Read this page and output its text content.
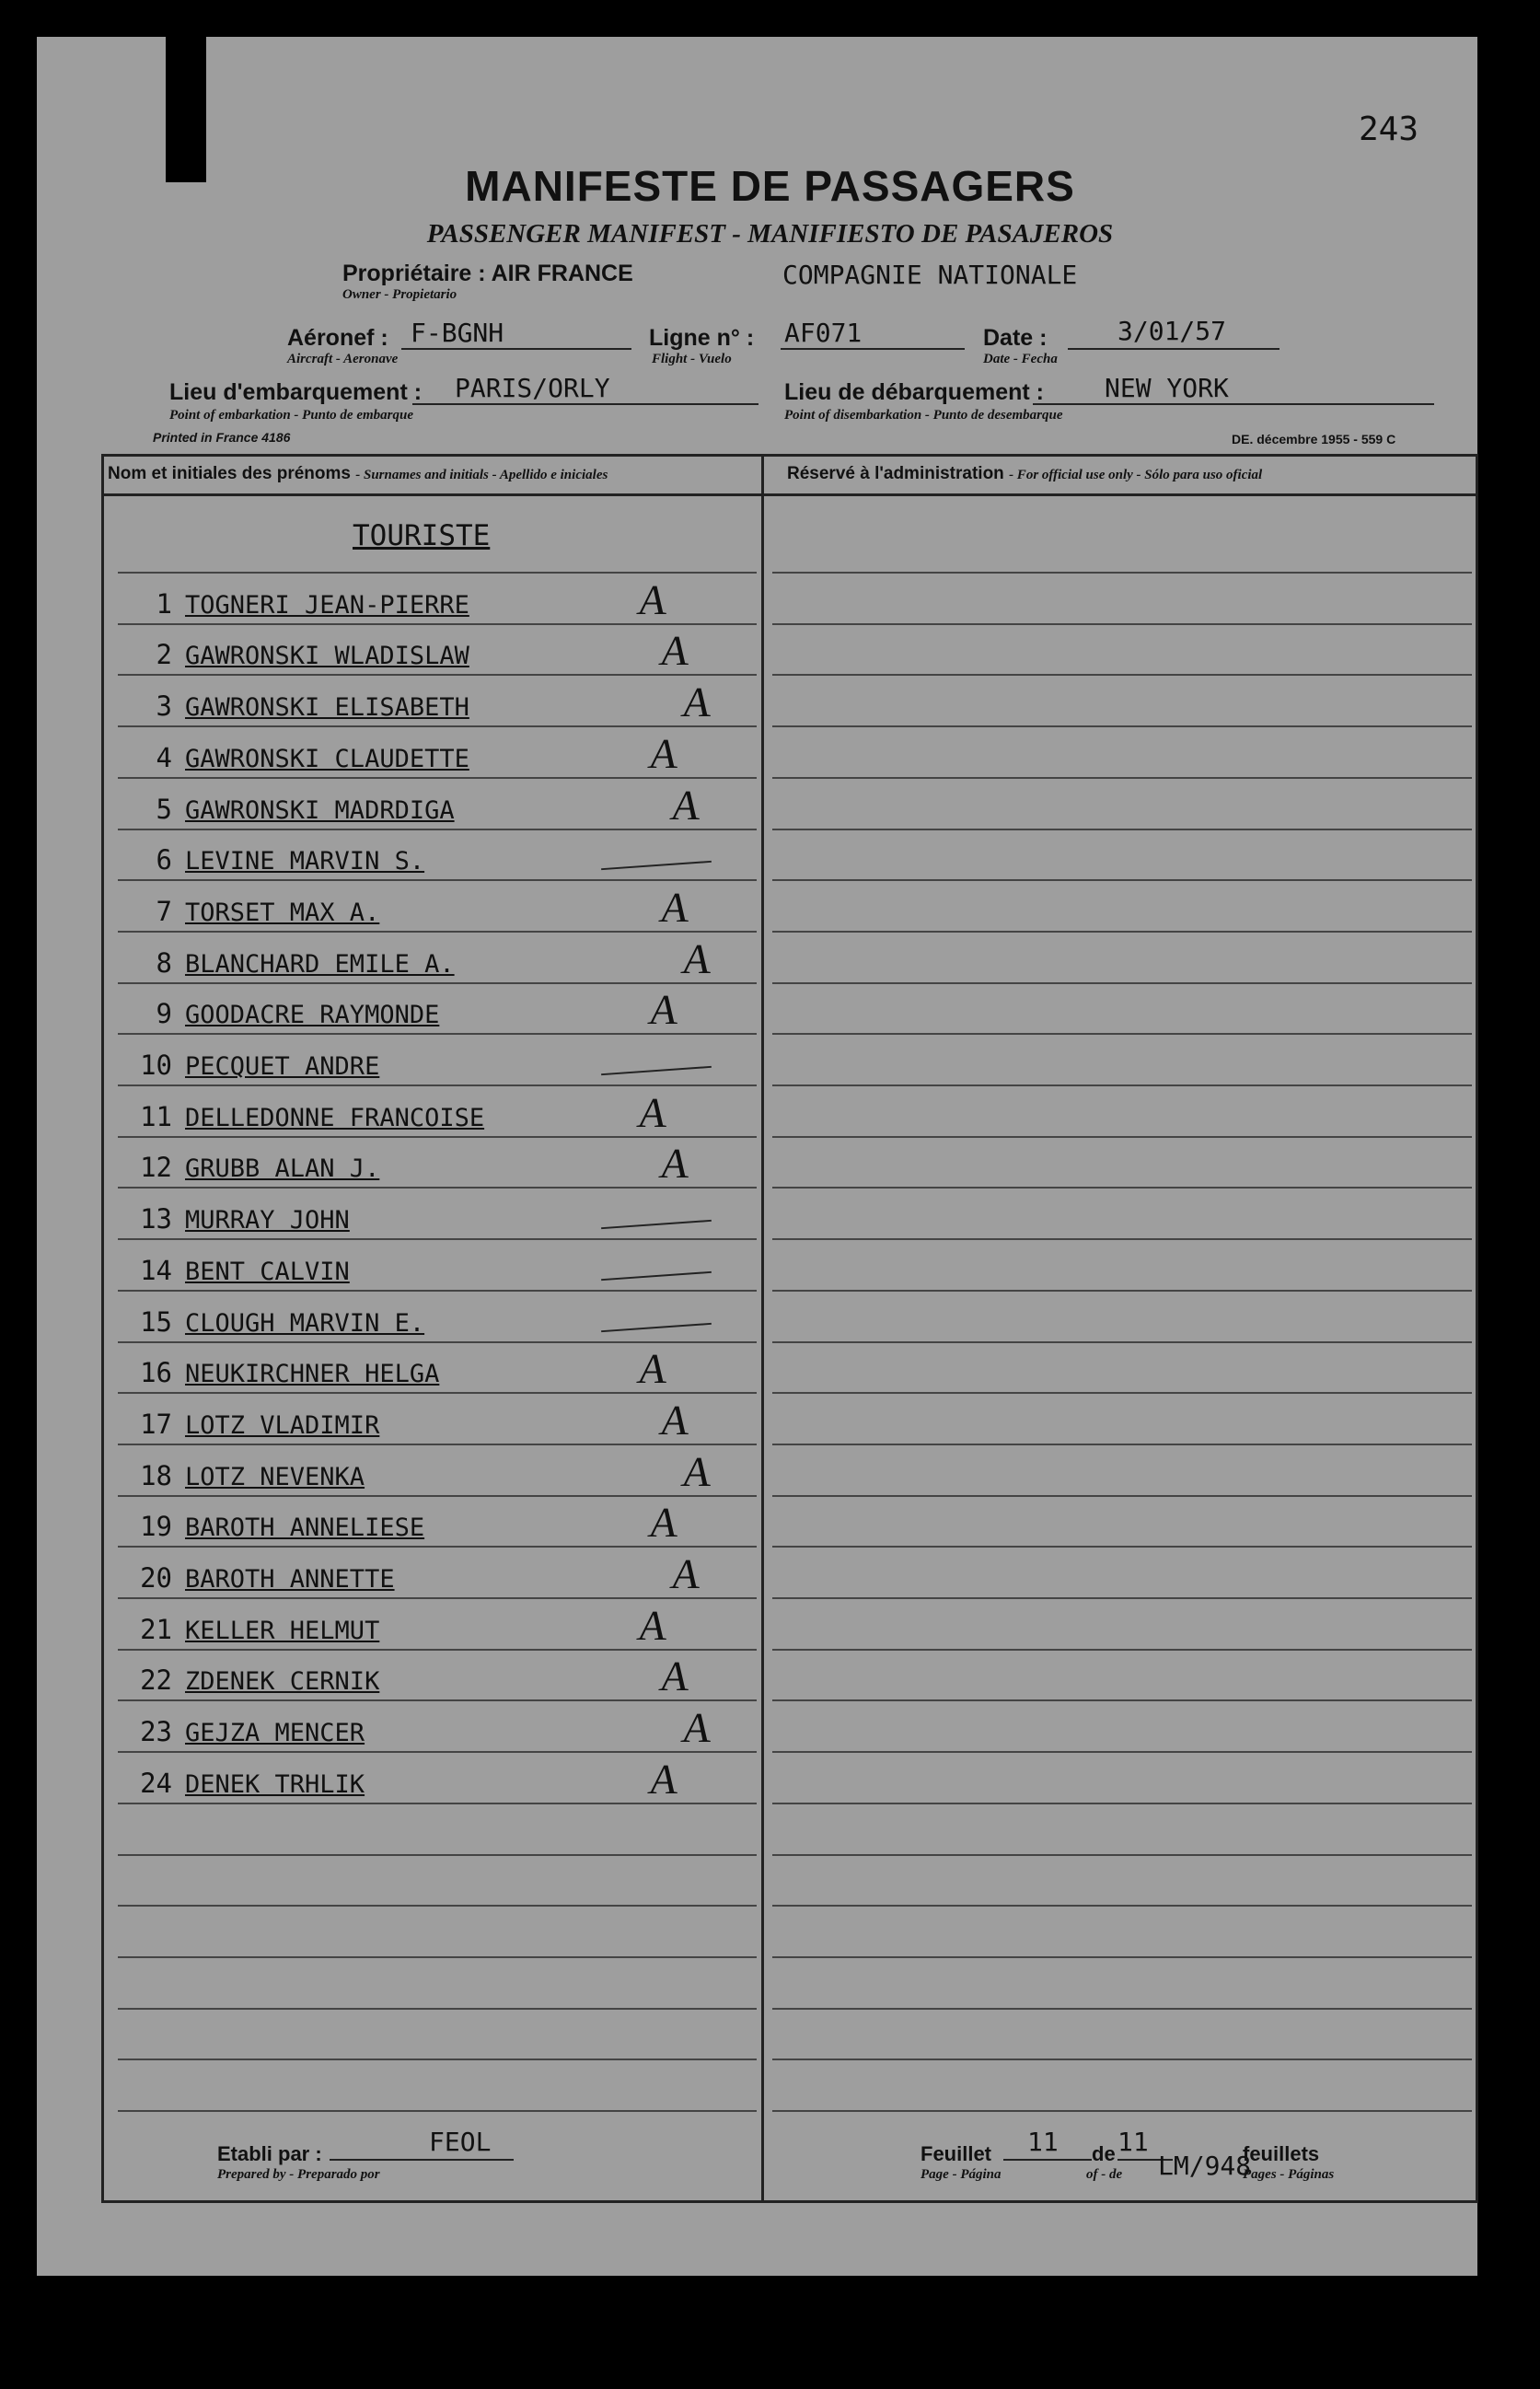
243
MANIFESTE DE PASSAGERS
PASSENGER MANIFEST - MANIFIESTO DE PASAJEROS
Propriétaire : AIR FRANCE
Owner - Propietario
COMPAGNIE NATIONALE
Aéronef :
Aircraft - Aeronave
F-BGNH	Ligne n° :
Flight - Vuelo
AF071	Date :
Date - Fecha
3/01/57
Lieu d'embarquement :
Point of embarkation - Punto de embarque
PARIS/ORLY	Lieu de débarquement :
Point of disembarkation - Punto de desembarque
NEW YORK
Printed in France 4186	DE. décembre 1955 - 559 C
Nom et initiales des prénoms - Surnames and initials - Apellido e iniciales	Réservé à l'administration - For official use only - Sólo para uso oficial
TOURISTE
1 TOGNERI JEAN-PIERRE	A
2 GAWRONSKI WLADISLAW	A
3 GAWRONSKI ELISABETH	A
4 GAWRONSKI CLAUDETTE	A
5 GAWRONSKI MADRDIGA	A
6 LEVINE MARVIN S.
7 TORSET MAX A.	A
8 BLANCHARD EMILE A.	A
9 GOODACRE RAYMONDE	A
10 PECQUET ANDRE
11 DELLEDONNE FRANCOISE	A
12 GRUBB ALAN J.	A
13 MURRAY JOHN
14 BENT CALVIN
15 CLOUGH MARVIN E.
16 NEUKIRCHNER HELGA	A
17 LOTZ VLADIMIR	A
18 LOTZ NEVENKA	A
19 BAROTH ANNELIESE	A
20 BAROTH ANNETTE	A
21 KELLER HELMUT	A
22 ZDENEK CERNIK	A
23 GEJZA MENCER	A
24 DENEK TRHLIK	A
Etabli par :
Prepared by - Preparado por
FEOL	Feuillet
Page - Página
11 de
of - de
11	feuillets
Pages - Páginas
LM/948
